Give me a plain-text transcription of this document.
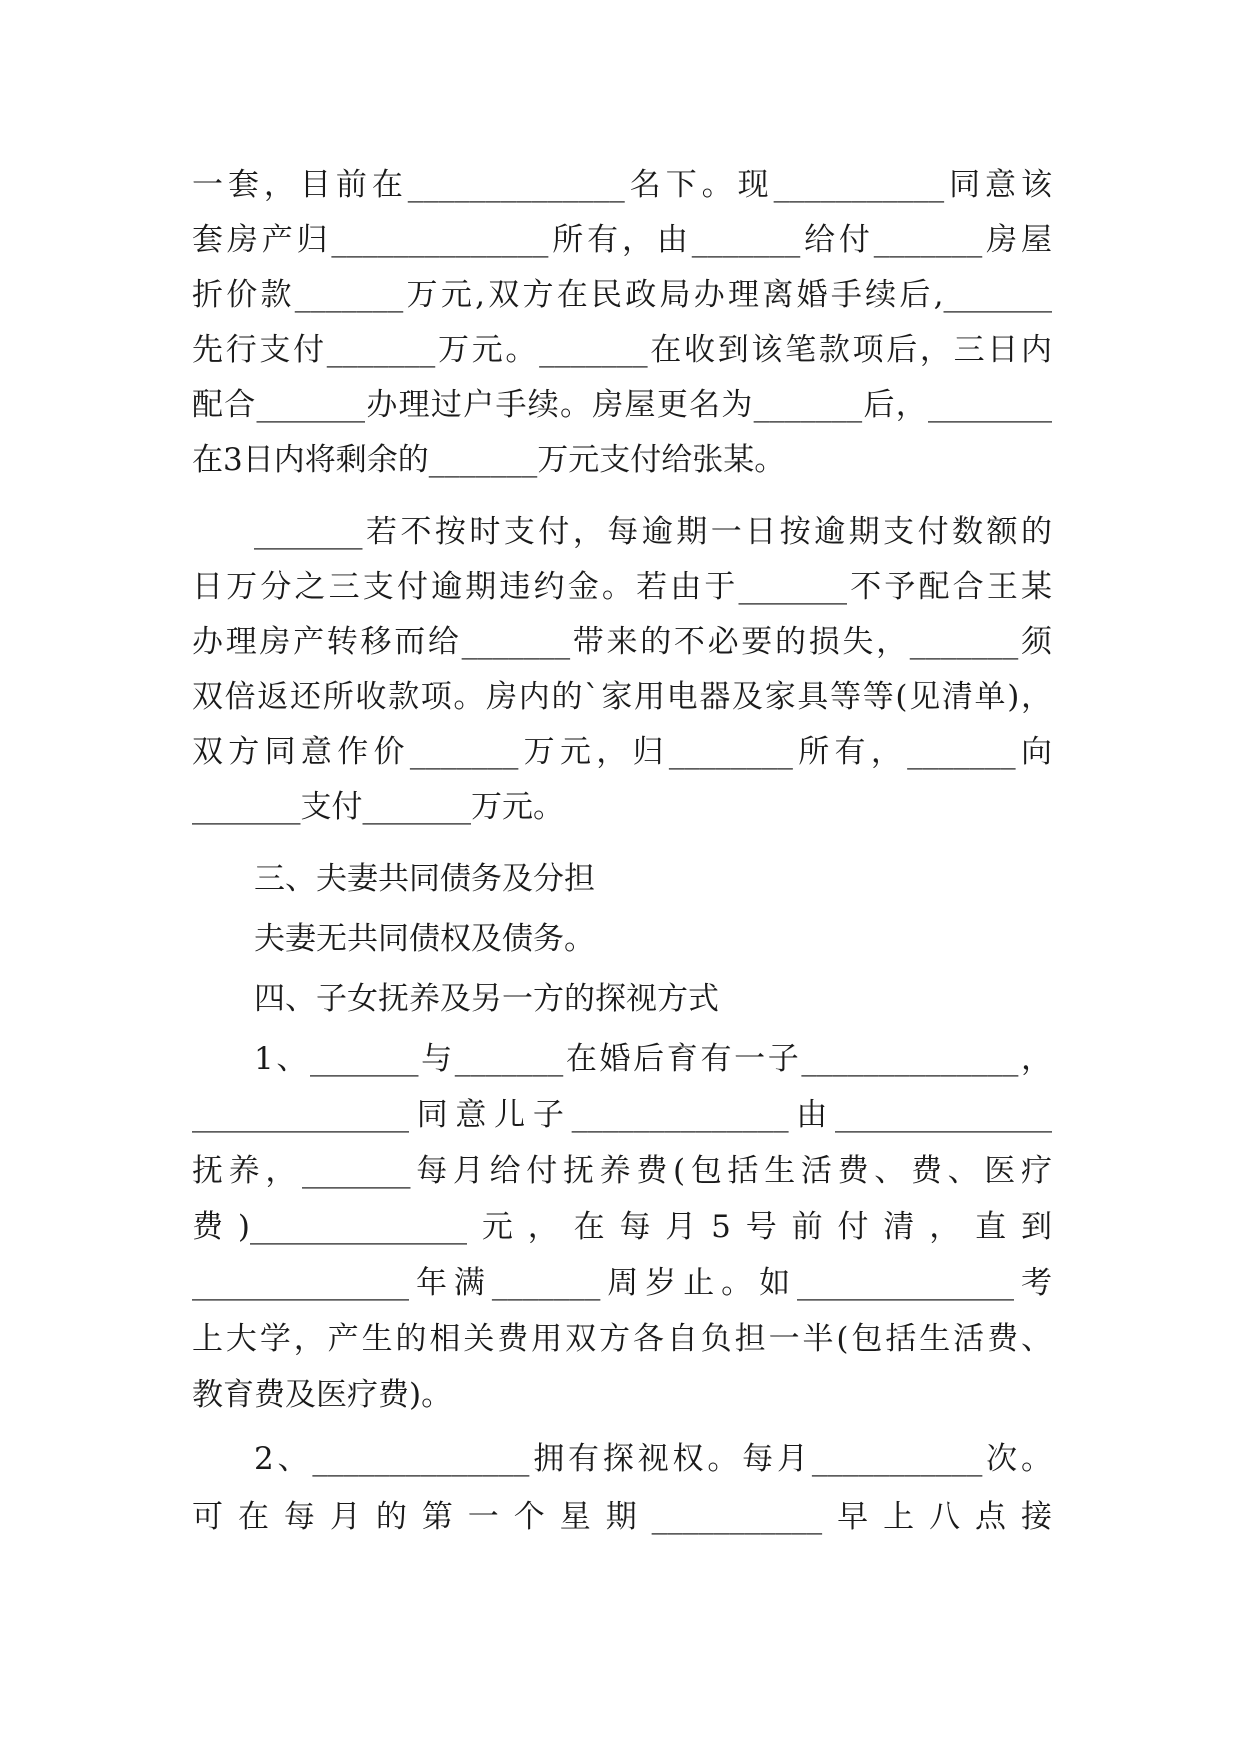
一套，目前在______________名下。现___________同意该
套房产归______________所有，由_______给付_______房屋
折价款_______万元,双方在民政局办理离婚手续后,_______
先行支付_______万元。_______在收到该笔款项后，三日内
配合_______办理过户手续。房屋更名为_______后，________
在3日内将剩余的_______万元支付给张某。
_______若不按时支付，每逾期一日按逾期支付数额的
日万分之三支付逾期违约金。若由于_______不予配合王某
办理房产转移而给_______带来的不必要的损失，_______须
双倍返还所收款项。房内的`家用电器及家具等等(见清单)，
双方同意作价_______万元，归________所有，_______向
_______支付_______万元。
三、夫妻共同债务及分担
夫妻无共同债权及债务。
四、子女抚养及另一方的探视方式
1、_______与_______在婚后育有一子______________，
______________同意儿子______________由______________
抚养，_______每月给付抚养费(包括生活费、费、医疗
费)______________元，在每月5号前付清，直到
______________年满_______周岁止。如______________考
上大学，产生的相关费用双方各自负担一半(包括生活费、
教育费及医疗费)。
2、______________拥有探视权。每月___________次。
可在每月的第一个星期___________早上八点接
